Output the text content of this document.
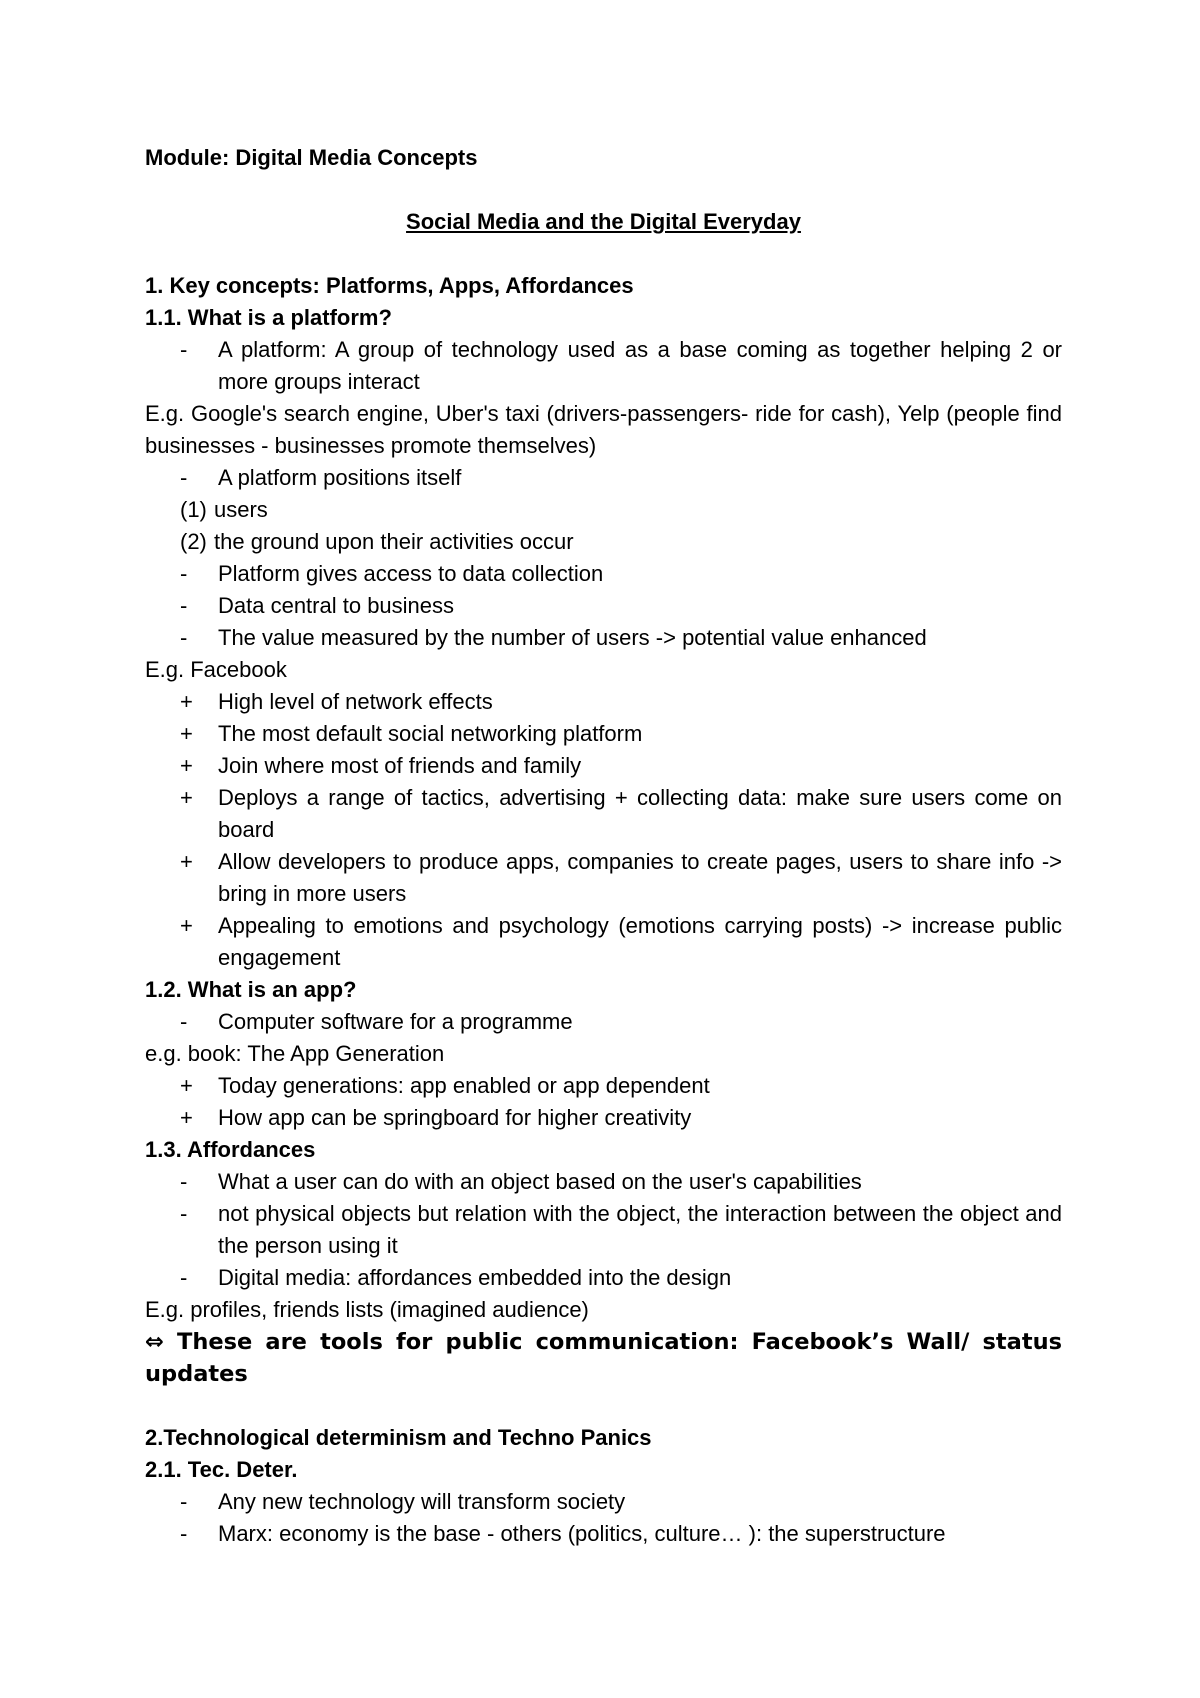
Module: Digital Media Concepts
Social Media and the Digital Everyday
1. Key concepts: Platforms, Apps, Affordances
1.1. What is a platform?
-	A platform: A group of technology used as a base coming as together helping 2 or more groups interact
E.g. Google's search engine, Uber's taxi (drivers-passengers- ride for cash), Yelp (people find businesses - businesses promote themselves)
-	A platform positions itself
(1) users
(2) the ground upon their activities occur
-	Platform gives access to data collection
-	Data central to business
-	The value measured by the number of users -> potential value enhanced
E.g. Facebook
+	High level of network effects
+	The most default social networking platform
+	Join where most of friends and family
+	Deploys a range of tactics, advertising + collecting data: make sure users come on board
+	Allow developers to produce apps, companies to create pages, users to share info -> bring in more users
+	Appealing to emotions and psychology (emotions carrying posts) -> increase public engagement
1.2. What is an app?
-	Computer software for a programme
e.g. book: The App Generation
+	Today generations: app enabled or app dependent
+	How app can be springboard for higher creativity
1.3. Affordances
-	What a user can do with an object based on the user's capabilities
-	not physical objects but relation with the object, the interaction between the object and the person using it
-	Digital media: affordances embedded into the design
E.g. profiles, friends lists (imagined audience)
⇔ These are tools for public communication: Facebook’s Wall/ status updates
2.Technological determinism and Techno Panics
2.1. Tec. Deter.
-	Any new technology will transform society
-	Marx: economy is the base - others (politics, culture… ): the superstructure
